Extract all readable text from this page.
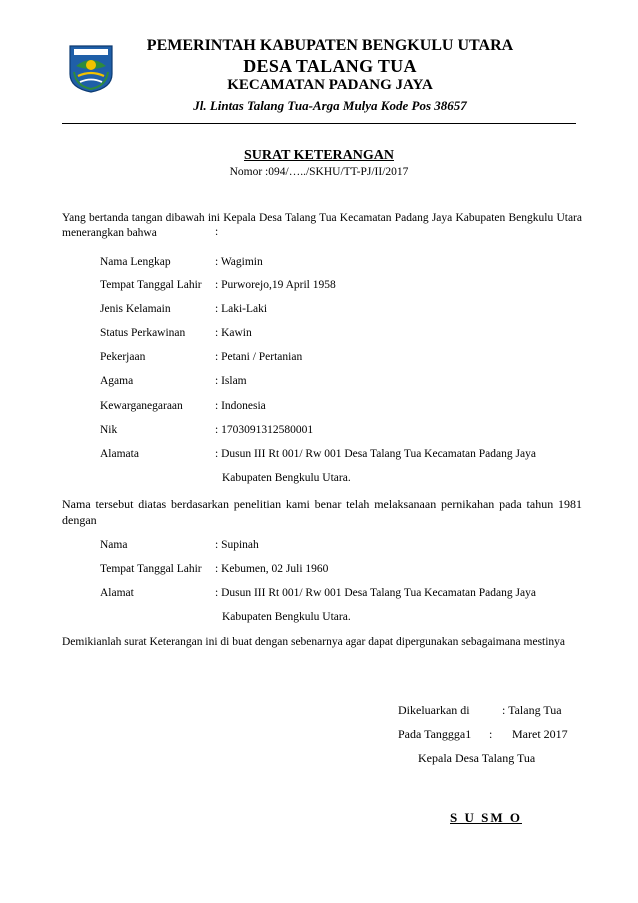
PEMERINTAH KABUPATEN BENGKULU UTARA
DESA TALANG TUA
KECAMATAN PADANG JAYA
Jl. Lintas Talang Tua-Arga Mulya Kode Pos 38657
SURAT KETERANGAN
Nomor :094/…../SKHU/TT-PJ/II/2017
Yang bertanda tangan dibawah ini Kepala Desa Talang Tua Kecamatan Padang Jaya Kabupaten Bengkulu Utara menerangkan bahwa	:
Nama Lengkap	: Wagimin
Tempat Tanggal Lahir : Purworejo,19 April 1958
Jenis Kelamain	: Laki-Laki
Status Perkawinan	: Kawin
Pekerjaan	: Petani / Pertanian
Agama	: Islam
Kewarganegaraan	: Indonesia
Nik	: 1703091312580001
Alamata	: Dusun III Rt 001/ Rw 001 Desa Talang Tua Kecamatan Padang Jaya
Kabupaten Bengkulu Utara.
Nama tersebut diatas berdasarkan penelitian kami benar telah melaksanaan pernikahan pada tahun 1981 dengan
Nama	: Supinah
Tempat Tanggal Lahir : Kebumen, 02 Juli 1960
Alamat	: Dusun III Rt 001/ Rw 001 Desa Talang Tua Kecamatan Padang Jaya
Kabupaten Bengkulu Utara.
Demikianlah surat Keterangan ini di buat dengan sebenarnya agar dapat dipergunakan sebagaimana mestinya
Dikeluarkan di	: Talang Tua
Pada Tanggga1 : Maret 2017
Kepala Desa Talang Tua
S U SM O
